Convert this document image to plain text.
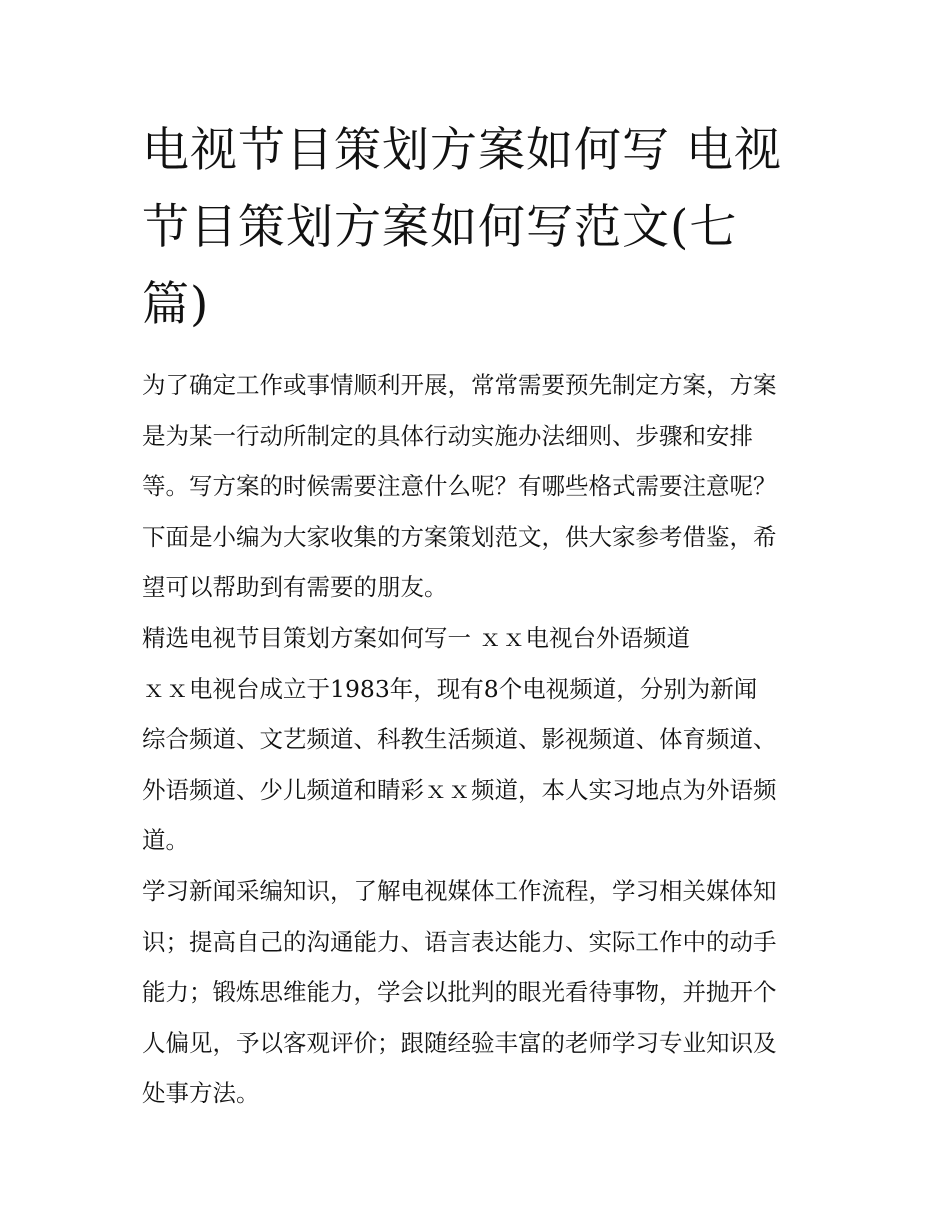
电视节目策划方案如何写 电视
节目策划方案如何写范文(七
篇)
为了确定工作或事情顺利开展，常常需要预先制定方案，方案
是为某一行动所制定的具体行动实施办法细则、步骤和安排
等。写方案的时候需要注意什么呢？有哪些格式需要注意呢？
下面是小编为大家收集的方案策划范文，供大家参考借鉴，希
望可以帮助到有需要的朋友。
精选电视节目策划方案如何写一 ｘｘ电视台外语频道
ｘｘ电视台成立于1983年，现有8个电视频道，分别为新闻
综合频道、文艺频道、科教生活频道、影视频道、体育频道、
外语频道、少儿频道和睛彩ｘｘ频道，本人实习地点为外语频
道。
学习新闻采编知识，了解电视媒体工作流程，学习相关媒体知
识；提高自己的沟通能力、语言表达能力、实际工作中的动手
能力；锻炼思维能力，学会以批判的眼光看待事物，并抛开个
人偏见，予以客观评价；跟随经验丰富的老师学习专业知识及
处事方法。
